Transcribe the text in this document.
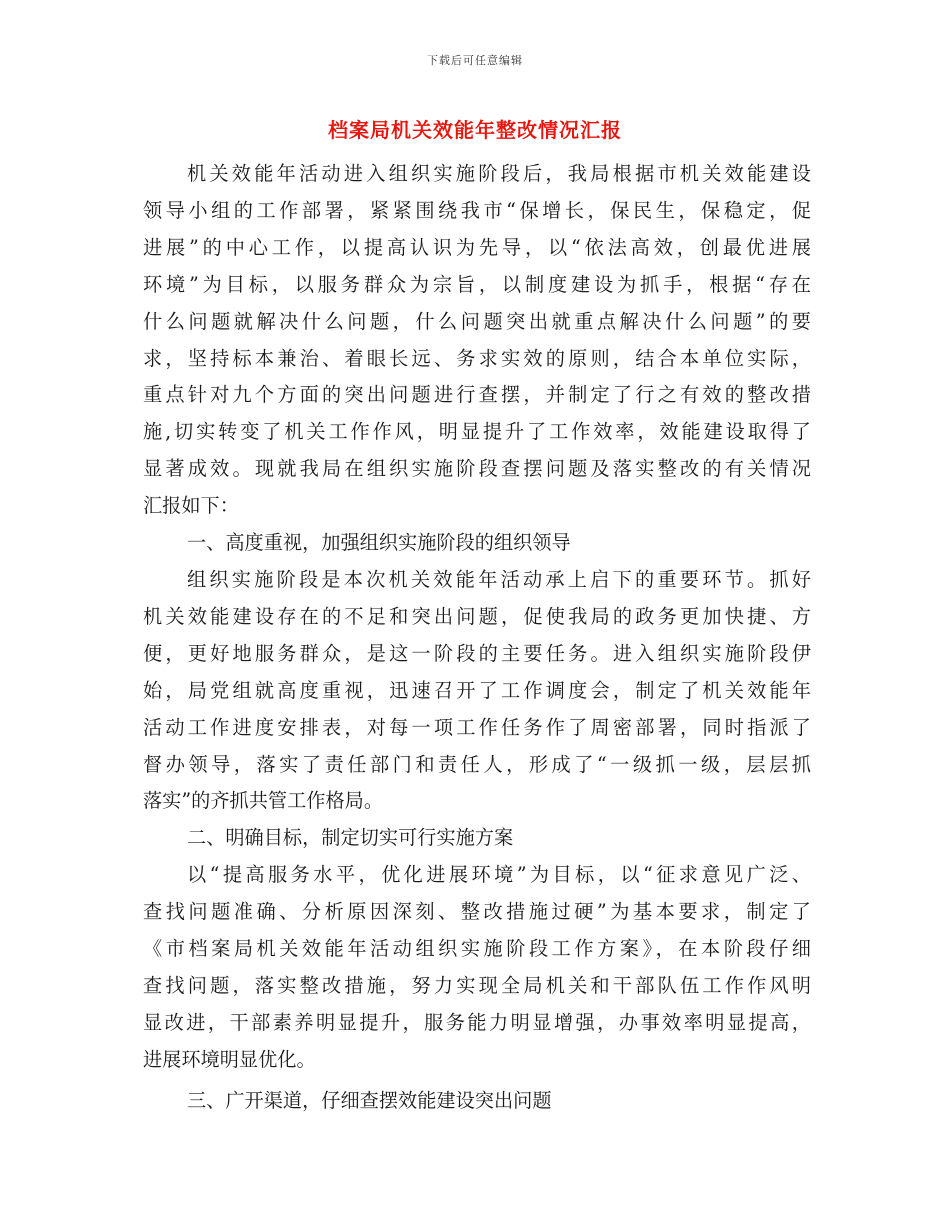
下载后可任意编辑
档案局机关效能年整改情况汇报
机关效能年活动进入组织实施阶段后，我局根据市机关效能建设
领导小组的工作部署，紧紧围绕我市“保增长，保民生，保稳定，促
进展”的中心工作，以提高认识为先导，以“依法高效，创最优进展
环境”为目标，以服务群众为宗旨，以制度建设为抓手，根据“存在
什么问题就解决什么问题，什么问题突出就重点解决什么问题”的要
求，坚持标本兼治、着眼长远、务求实效的原则，结合本单位实际，
重点针对九个方面的突出问题进行查摆，并制定了行之有效的整改措
施,切实转变了机关工作作风，明显提升了工作效率，效能建设取得了
显著成效。现就我局在组织实施阶段查摆问题及落实整改的有关情况
汇报如下：
一、高度重视，加强组织实施阶段的组织领导
组织实施阶段是本次机关效能年活动承上启下的重要环节。抓好
机关效能建设存在的不足和突出问题，促使我局的政务更加快捷、方
便，更好地服务群众，是这一阶段的主要任务。进入组织实施阶段伊
始，局党组就高度重视，迅速召开了工作调度会，制定了机关效能年
活动工作进度安排表，对每一项工作任务作了周密部署，同时指派了
督办领导，落实了责任部门和责任人，形成了“一级抓一级，层层抓
落实”的齐抓共管工作格局。
二、明确目标，制定切实可行实施方案
以“提高服务水平，优化进展环境”为目标，以“征求意见广泛、
查找问题准确、分析原因深刻、整改措施过硬”为基本要求，制定了
《市档案局机关效能年活动组织实施阶段工作方案》，在本阶段仔细
查找问题，落实整改措施，努力实现全局机关和干部队伍工作作风明
显改进，干部素养明显提升，服务能力明显增强，办事效率明显提高，
进展环境明显优化。
三、广开渠道，仔细查摆效能建设突出问题
